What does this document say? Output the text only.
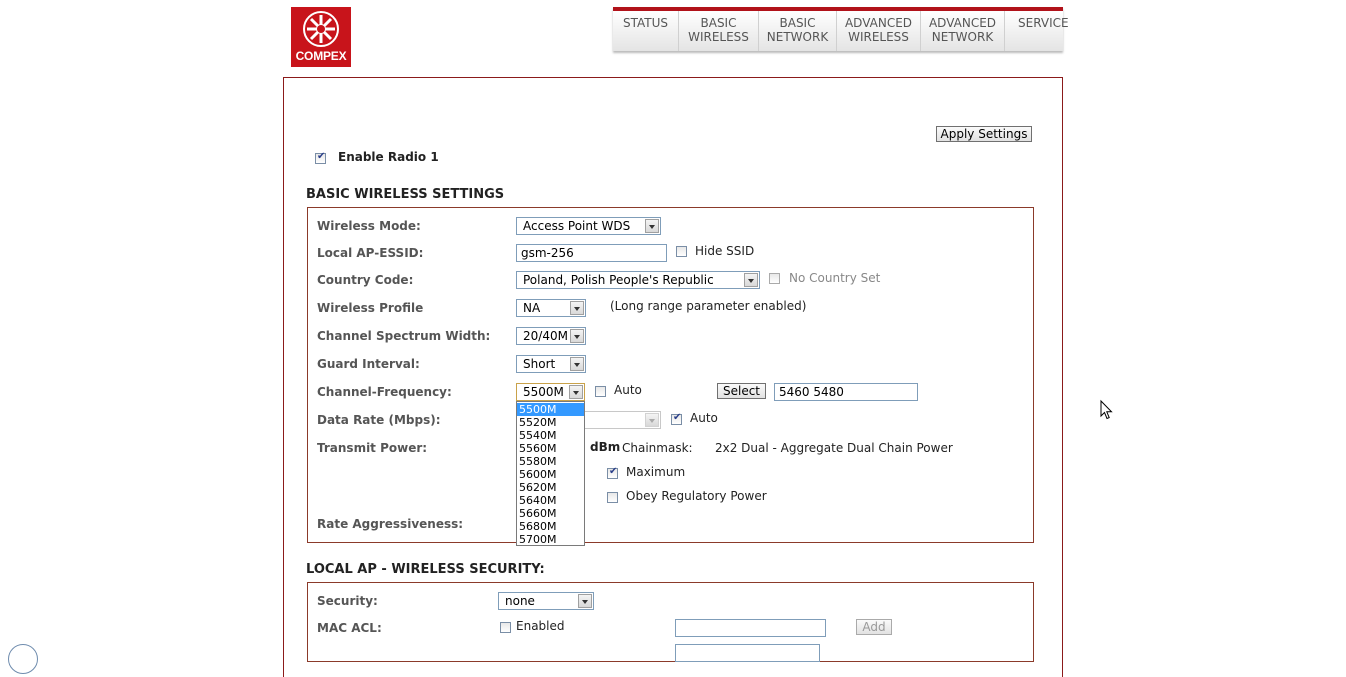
COMPEX
STATUS	BASIC
WIRELESS
BASIC
NETWORK
ADVANCED
WIRELESS
ADVANCED
NETWORK
SERVICE
Apply Settings
✔
Enable Radio 1
BASIC WIRELESS SETTINGS
Wireless Mode:	Access Point WDS
Local AP-ESSID:	gsm-256	Hide SSID
Country Code:	Poland, Polish People's Republic	No Country Set
Wireless Profile	NA	(Long range parameter enabled)
Channel Spectrum Width:	20/40M
Guard Interval:	Short
Channel-Frequency:	5500M	Auto	Select	5460 5480
Data Rate (Mbps):
✔	Auto
Transmit Power:	dBm Chainmask: 2x2 Dual - Aggregate Dual Chain Power
✔
Maximum
Obey Regulatory Power
Rate Aggressiveness:
5500M
5520M
5540M
5560M
5580M
5600M
5620M
5640M
5660M
5680M
5700M
LOCAL AP - WIRELESS SECURITY:
Security:	none
MAC ACL:	Enabled	Add
